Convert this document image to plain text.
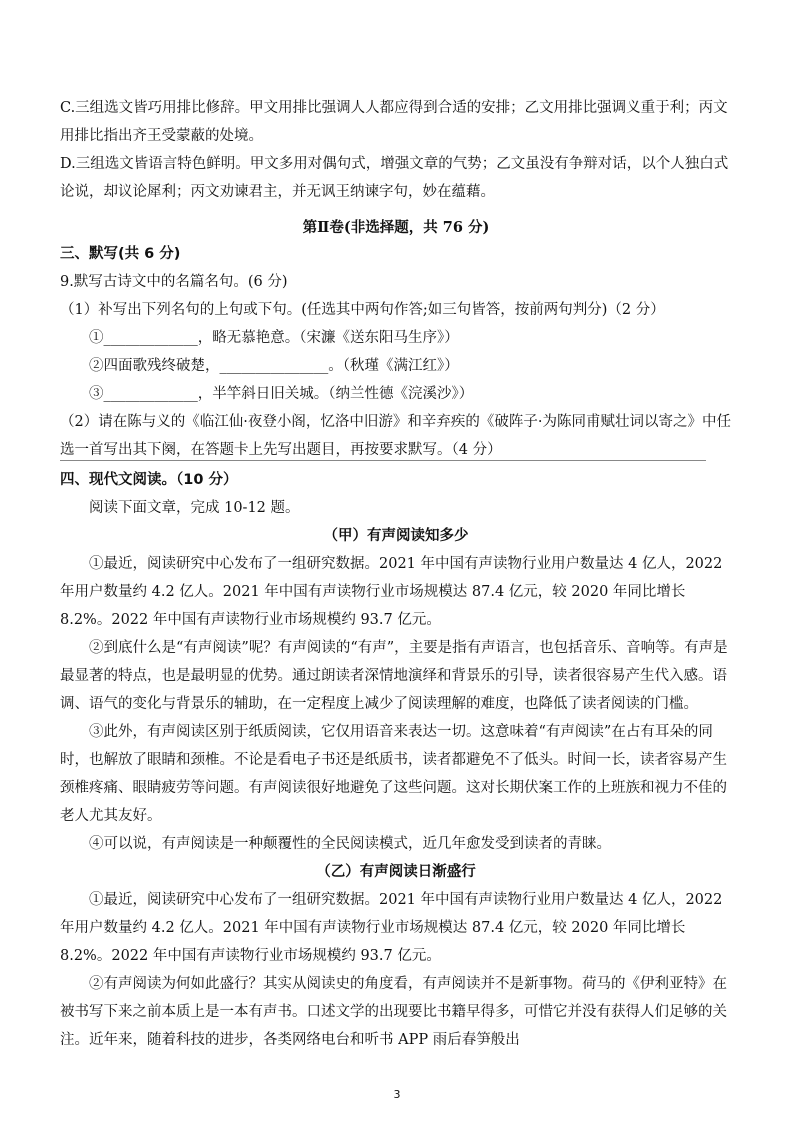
C.三组选文皆巧用排比修辞。甲文用排比强调人人都应得到合适的安排；乙文用排比强调义重于利；丙文用排比指出齐王受蒙蔽的处境。

D.三组选文皆语言特色鲜明。甲文多用对偶句式，增强文章的气势；乙文虽没有争辩对话，以个人独白式论说，却议论犀利；丙文劝谏君主，并无讽王纳谏字句，妙在蕴藉。

第Ⅱ卷(非选择题，共 76 分)

三、默写(共 6 分)

9.默写古诗文中的名篇名句。(6 分)

（1）补写出下列名句的上句或下句。(任选其中两句作答;如三句皆答，按前两句判分)（2 分）

①_____________，略无慕艳意。（宋濂《送东阳马生序》）

②四面歌残终破楚，_______________。（秋瑾《满江红》）

③_____________，半竿斜日旧关城。（纳兰性德《浣溪沙》）

（2）请在陈与义的《临江仙·夜登小阁，忆洛中旧游》和辛弃疾的《破阵子·为陈同甫赋壮词以寄之》中任选一首写出其下阕，在答题卡上先写出题目，再按要求默写。（4 分）

四、现代文阅读。（10 分）

阅读下面文章，完成 10-12 题。

（甲）有声阅读知多少

①最近，阅读研究中心发布了一组研究数据。2021 年中国有声读物行业用户数量达 4 亿人，2022 年用户数量约 4.2 亿人。2021 年中国有声读物行业市场规模达 87.4 亿元，较 2020 年同比增长 8.2%。2022 年中国有声读物行业市场规模约 93.7 亿元。

②到底什么是“有声阅读”呢？有声阅读的“有声”，主要是指有声语言，也包括音乐、音响等。有声是最显著的特点，也是最明显的优势。通过朗读者深情地演绎和背景乐的引导，读者很容易产生代入感。语调、语气的变化与背景乐的辅助，在一定程度上减少了阅读理解的难度，也降低了读者阅读的门槛。

③此外，有声阅读区别于纸质阅读，它仅用语音来表达一切。这意味着“有声阅读”在占有耳朵的同时，也解放了眼睛和颈椎。不论是看电子书还是纸质书，读者都避免不了低头。时间一长，读者容易产生颈椎疼痛、眼睛疲劳等问题。有声阅读很好地避免了这些问题。这对长期伏案工作的上班族和视力不佳的老人尤其友好。

④可以说，有声阅读是一种颠覆性的全民阅读模式，近几年愈发受到读者的青睐。

（乙）有声阅读日渐盛行

①最近，阅读研究中心发布了一组研究数据。2021 年中国有声读物行业用户数量达 4 亿人，2022 年用户数量约 4.2 亿人。2021 年中国有声读物行业市场规模达 87.4 亿元，较 2020 年同比增长 8.2%。2022 年中国有声读物行业市场规模约 93.7 亿元。

②有声阅读为何如此盛行？其实从阅读史的角度看，有声阅读并不是新事物。荷马的《伊利亚特》在被书写下来之前本质上是一本有声书。口述文学的出现要比书籍早得多，可惜它并没有获得人们足够的关注。近年来，随着科技的进步，各类网络电台和听书 APP 雨后春笋般出

3
